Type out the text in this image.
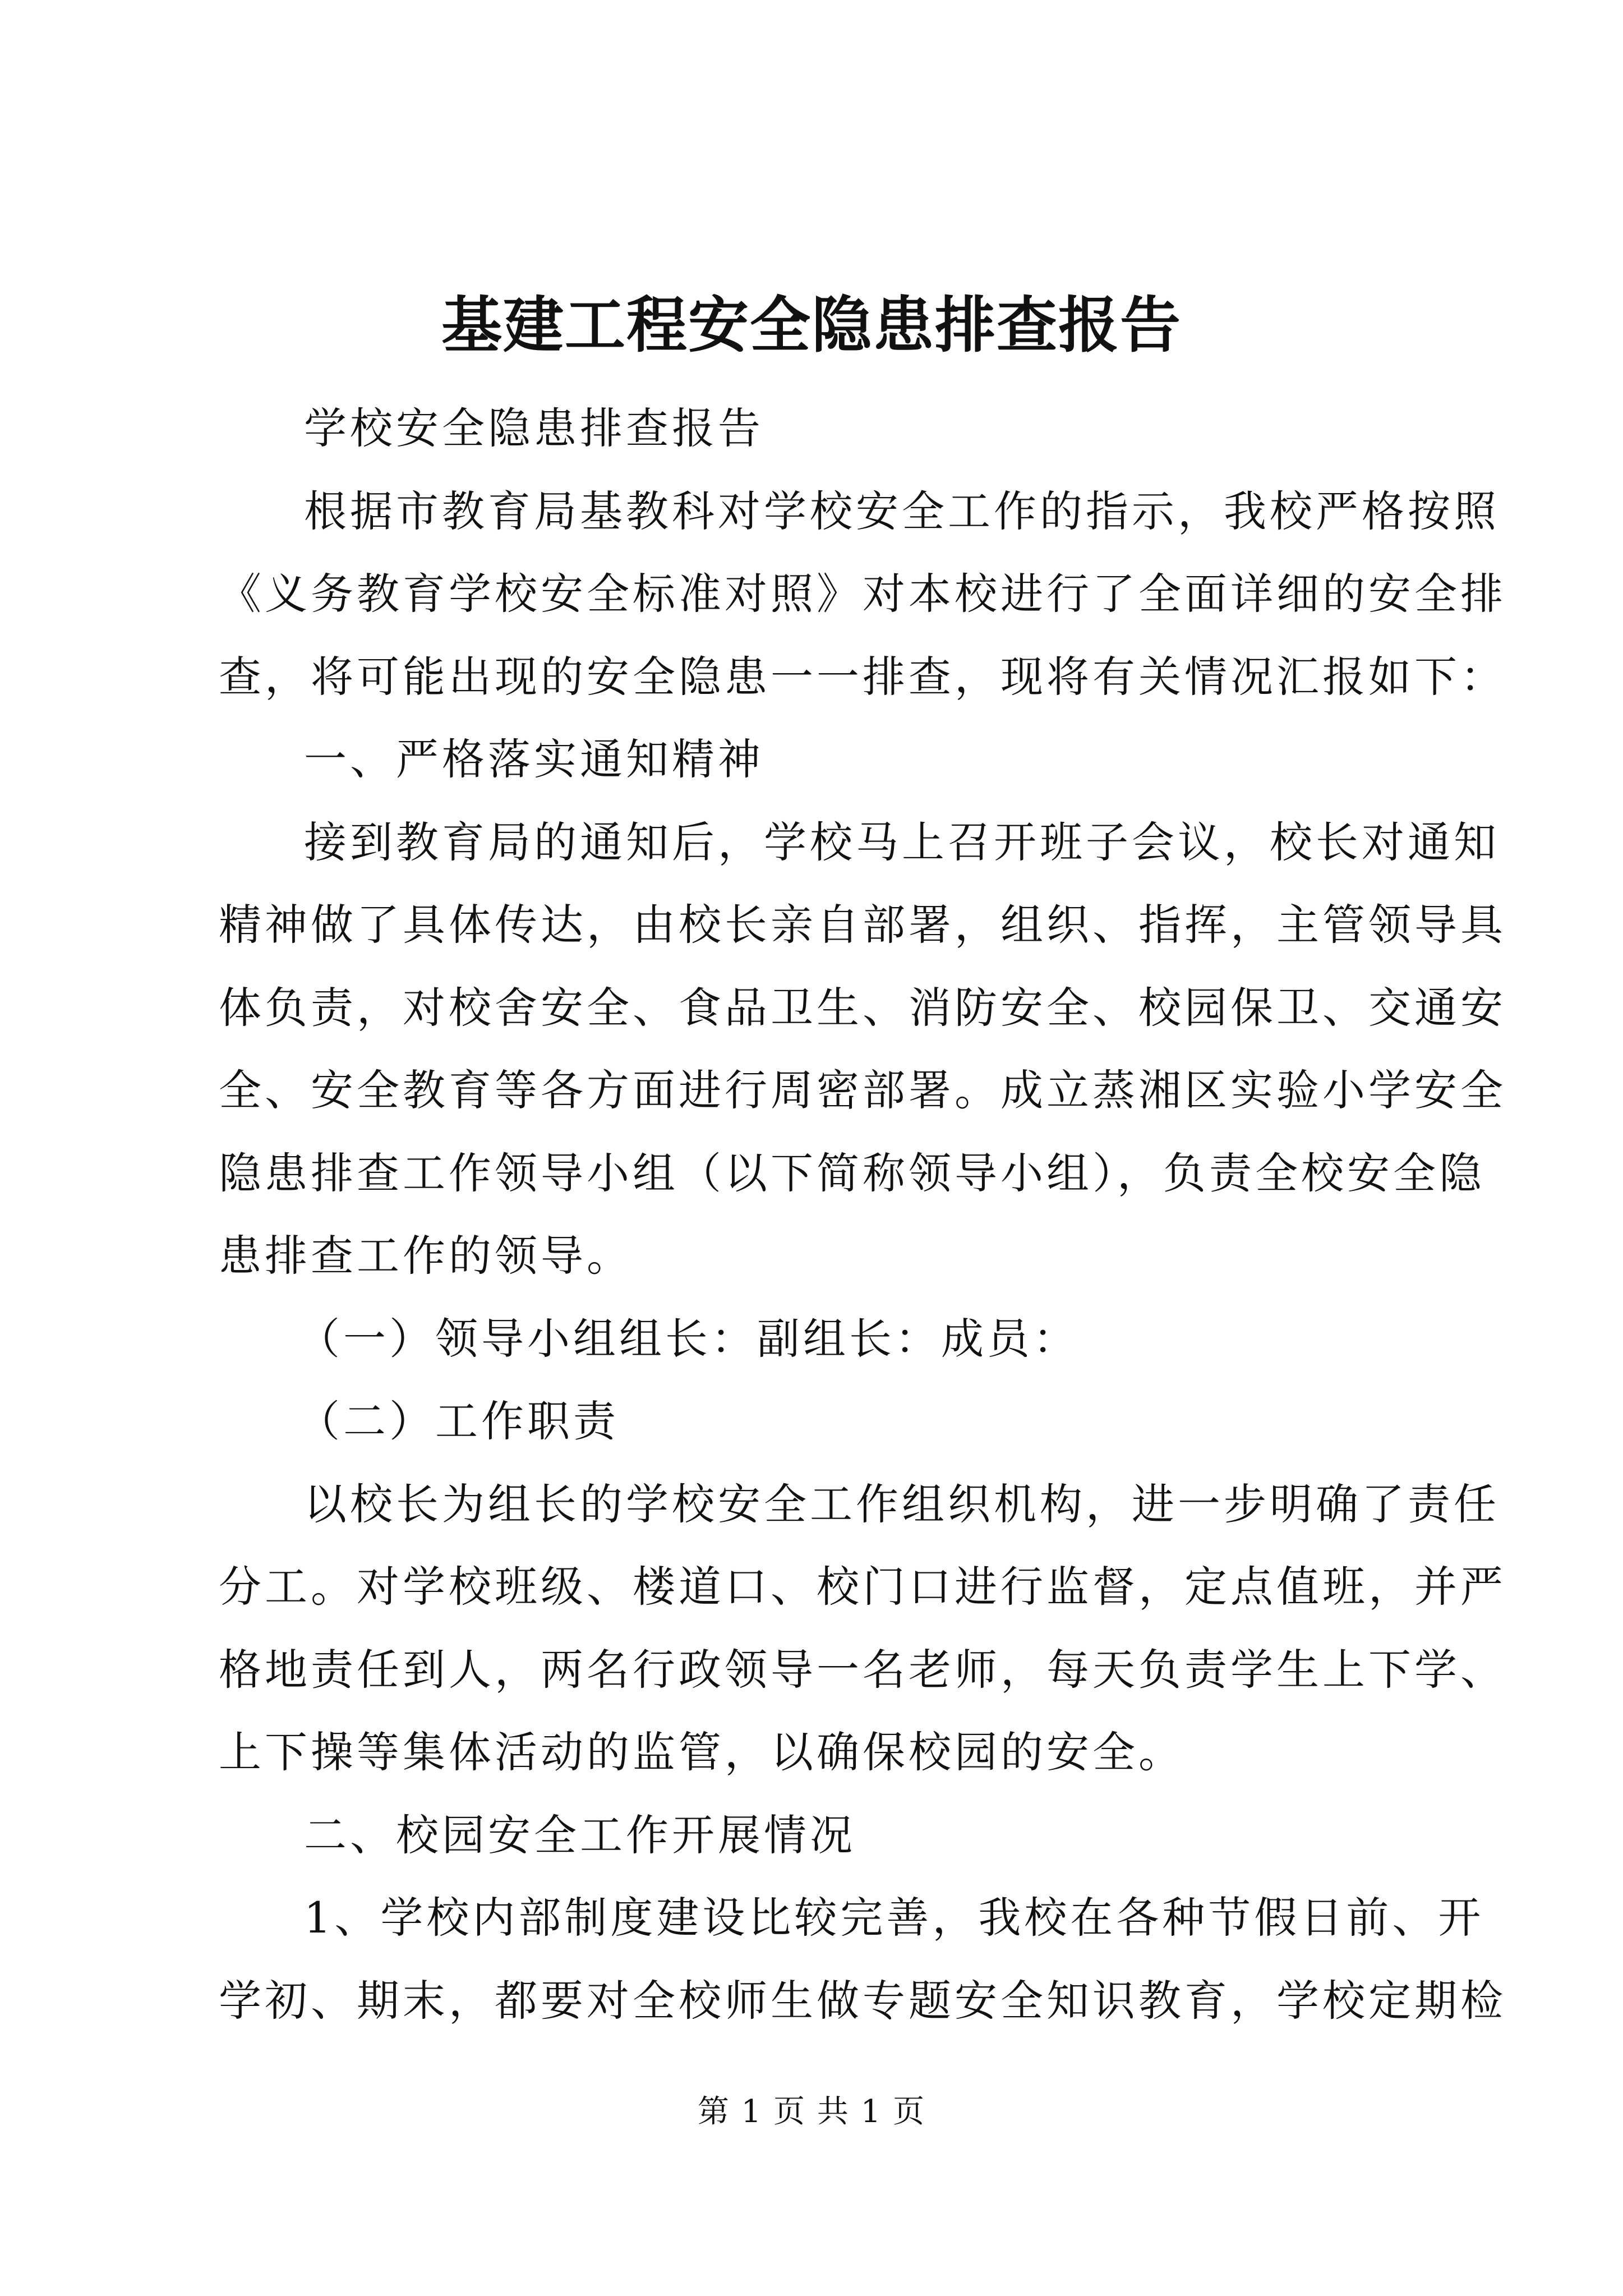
基建工程安全隐患排查报告
学校安全隐患排查报告
根据市教育局基教科对学校安全工作的指示，我校严格按照
《义务教育学校安全标准对照》对本校进行了全面详细的安全排
查，将可能出现的安全隐患一一排查，现将有关情况汇报如下：
一、严格落实通知精神
接到教育局的通知后，学校马上召开班子会议，校长对通知
精神做了具体传达，由校长亲自部署，组织、指挥，主管领导具
体负责，对校舍安全、食品卫生、消防安全、校园保卫、交通安
全、安全教育等各方面进行周密部署。成立蒸湘区实验小学安全
隐患排查工作领导小组（以下简称领导小组），负责全校安全隐
患排查工作的领导。
（一）领导小组组长：副组长：成员：
（二）工作职责
以校长为组长的学校安全工作组织机构，进一步明确了责任
分工。对学校班级、楼道口、校门口进行监督，定点值班，并严
格地责任到人，两名行政领导一名老师，每天负责学生上下学、
上下操等集体活动的监管，以确保校园的安全。
二、校园安全工作开展情况
1、学校内部制度建设比较完善，我校在各种节假日前、开
学初、期末，都要对全校师生做专题安全知识教育，学校定期检
第 1 页 共 1 页
